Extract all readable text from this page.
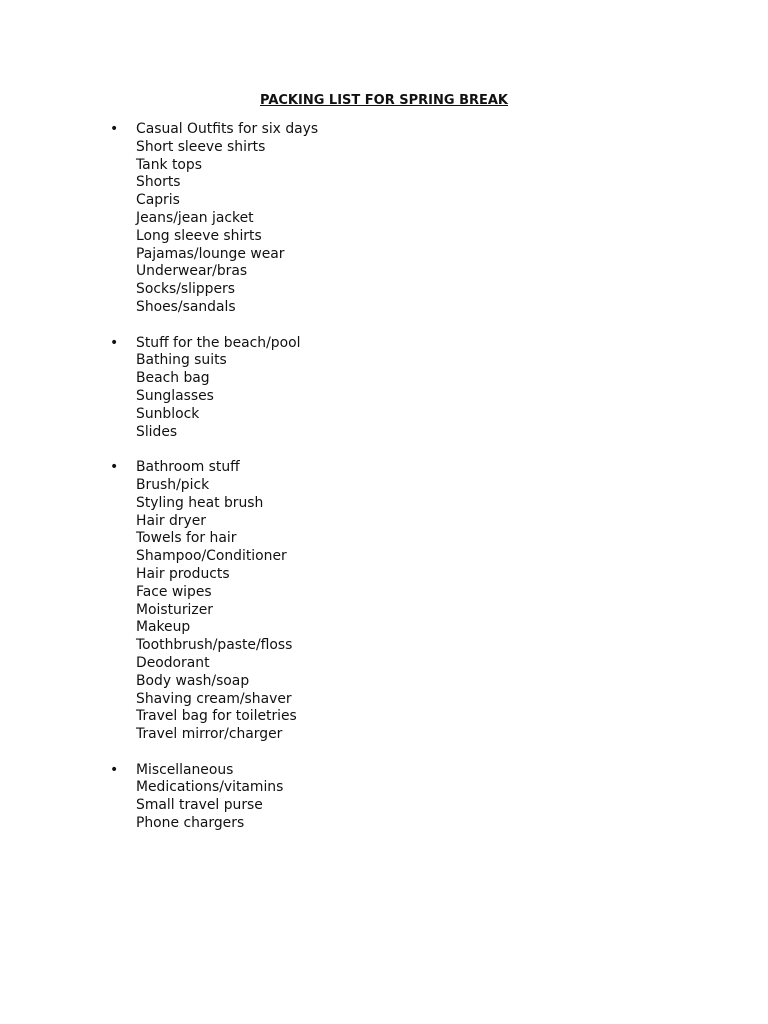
PACKING LIST FOR SPRING BREAK
• Casual Outfits for six days
Short sleeve shirts
Tank tops
Shorts
Capris
Jeans/jean jacket
Long sleeve shirts
Pajamas/lounge wear
Underwear/bras
Socks/slippers
Shoes/sandals
• Stuff for the beach/pool
Bathing suits
Beach bag
Sunglasses
Sunblock
Slides
• Bathroom stuff
Brush/pick
Styling heat brush
Hair dryer
Towels for hair
Shampoo/Conditioner
Hair products
Face wipes
Moisturizer
Makeup
Toothbrush/paste/floss
Deodorant
Body wash/soap
Shaving cream/shaver
Travel bag for toiletries
Travel mirror/charger
• Miscellaneous
Medications/vitamins
Small travel purse
Phone chargers
